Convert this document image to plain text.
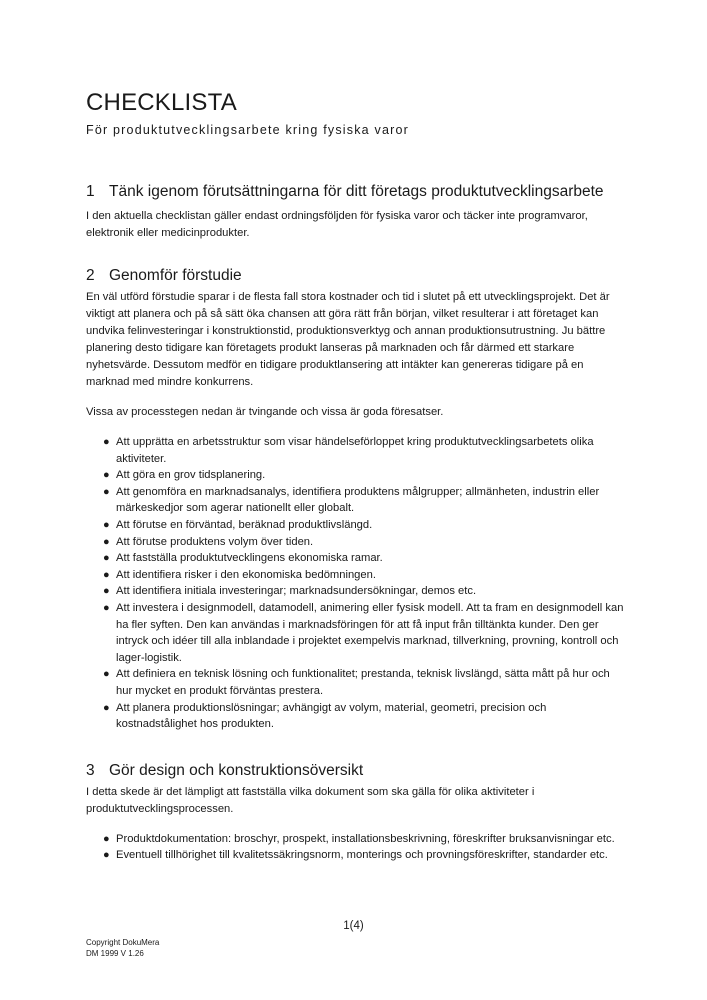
CHECKLISTA

För produktutvecklingsarbete kring fysiska varor

1 Tänk igenom förutsättningarna för ditt företags produktutvecklingsarbete

I den aktuella checklistan gäller endast ordningsföljden för fysiska varor och täcker inte programvaror, elektronik eller medicinprodukter.

2 Genomför förstudie

En väl utförd förstudie sparar i de flesta fall stora kostnader och tid i slutet på ett utvecklingsprojekt. Det är viktigt att planera och på så sätt öka chansen att göra rätt från början, vilket resulterar i att företaget kan undvika felinvesteringar i konstruktionstid, produktionsverktyg och annan produktionsutrustning. Ju bättre planering desto tidigare kan företagets produkt lanseras på marknaden och får därmed ett starkare nyhetsvärde. Dessutom medför en tidigare produktlansering att intäkter kan genereras tidigare på en marknad med mindre konkurrens.

Vissa av processtegen nedan är tvingande och vissa är goda föresatser.

● Att upprätta en arbetsstruktur som visar händelseförloppet kring produktutvecklingsarbetets olika aktiviteter.
● Att göra en grov tidsplanering.
● Att genomföra en marknadsanalys, identifiera produktens målgrupper; allmänheten, industrin eller märkeskedjor som agerar nationellt eller globalt.
● Att förutse en förväntad, beräknad produktlivslängd.
● Att förutse produktens volym över tiden.
● Att fastställa produktutvecklingens ekonomiska ramar.
● Att identifiera risker i den ekonomiska bedömningen.
● Att identifiera initiala investeringar; marknadsundersökningar, demos etc.
● Att investera i designmodell, datamodell, animering eller fysisk modell. Att ta fram en designmodell kan ha fler syften. Den kan användas i marknadsföringen för att få input från tilltänkta kunder. Den ger intryck och idéer till alla inblandade i projektet exempelvis marknad, tillverkning, provning, kontroll och lager-logistik.
● Att definiera en teknisk lösning och funktionalitet; prestanda, teknisk livslängd, sätta mått på hur och hur mycket en produkt förväntas prestera.
● Att planera produktionslösningar; avhängigt av volym, material, geometri, precision och kostnadstålighet hos produkten.
3 Gör design och konstruktionsöversikt

I detta skede är det lämpligt att fastställa vilka dokument som ska gälla för olika aktiviteter i produktutvecklingsprocessen.

● Produktdokumentation: broschyr, prospekt, installationsbeskrivning, föreskrifter bruksanvisningar etc.
● Eventuell tillhörighet till kvalitetssäkringsnorm, monterings och provningsföreskrifter, standarder etc.
1(4)
Copyright DokuMera
DM 1999 V 1.26
